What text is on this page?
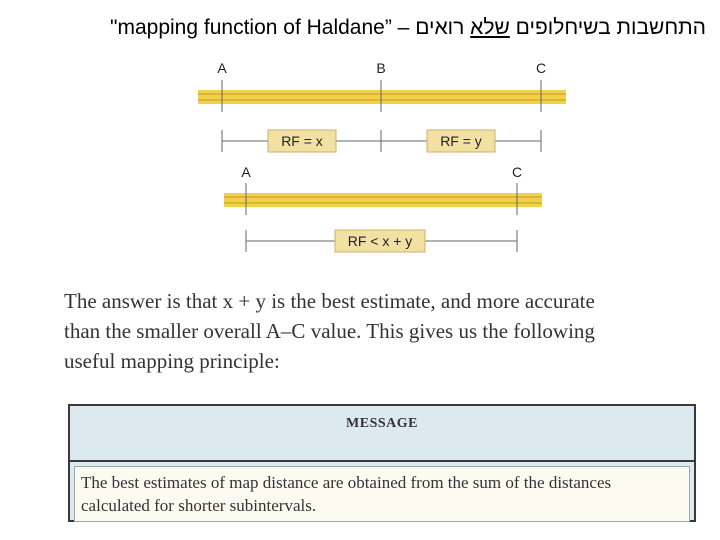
התחשבות בשיחלופים שלא רואים – "mapping function of Haldane”
A	B	C
RF = x	RF = y
A	C
RF < x + y

The answer is that x + y is the best estimate, and more accurate

than the smaller overall A–C value. This gives us the following

useful mapping principle:

MESSAGE
The best estimates of map distance are obtained from the sum of the distances calculated for shorter subintervals.
